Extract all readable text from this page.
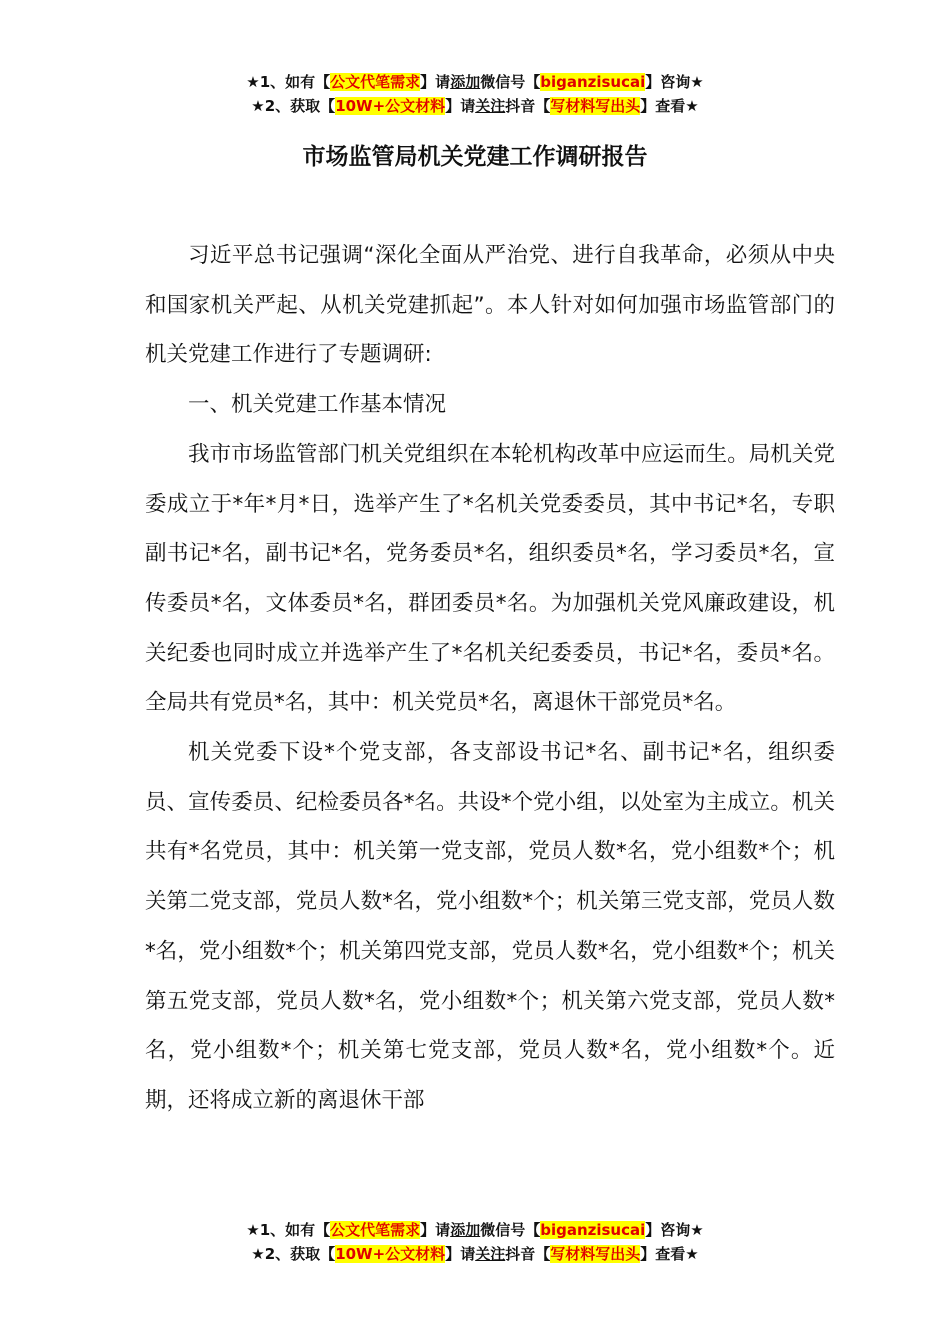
★1、如有【公文代笔需求】请添加微信号【biganzisucai】咨询★
★2、获取【10W+公文材料】请关注抖音【写材料写出头】查看★
市场监管局机关党建工作调研报告

习近平总书记强调“深化全面从严治党、进行自我革命，必须从中央和国家机关严起、从机关党建抓起”。本人针对如何加强市场监管部门的机关党建工作进行了专题调研:

一、机关党建工作基本情况

我市市场监管部门机关党组织在本轮机构改革中应运而生。局机关党委成立于*年*月*日，选举产生了*名机关党委委员，其中书记*名，专职副书记*名，副书记*名，党务委员*名，组织委员*名，学习委员*名，宣传委员*名，文体委员*名，群团委员*名。为加强机关党风廉政建设，机关纪委也同时成立并选举产生了*名机关纪委委员，书记*名，委员*名。全局共有党员*名，其中：机关党员*名，离退休干部党员*名。

机关党委下设*个党支部，各支部设书记*名、副书记*名，组织委员、宣传委员、纪检委员各*名。共设*个党小组，以处室为主成立。机关共有*名党员，其中：机关第一党支部，党员人数*名，党小组数*个；机关第二党支部，党员人数*名，党小组数*个；机关第三党支部，党员人数*名，党小组数*个；机关第四党支部，党员人数*名，党小组数*个；机关第五党支部，党员人数*名，党小组数*个；机关第六党支部，党员人数*名，党小组数*个；机关第七党支部，党员人数*名，党小组数*个。近期，还将成立新的离退休干部

★1、如有【公文代笔需求】请添加微信号【biganzisucai】咨询★
★2、获取【10W+公文材料】请关注抖音【写材料写出头】查看★
